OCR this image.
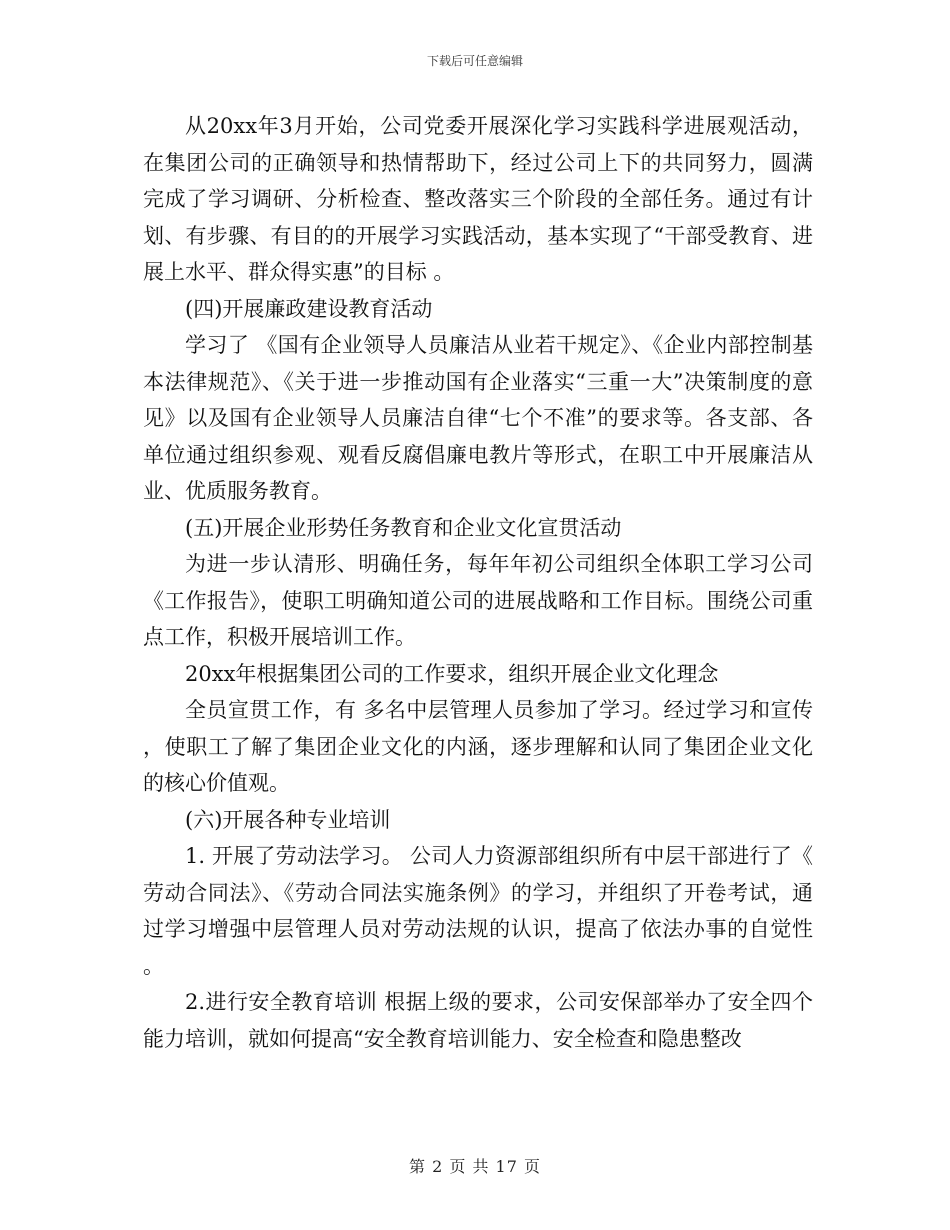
下载后可任意编辑

从20xx年3月开始，公司党委开展深化学习实践科学进展观活动，在集团公司的正确领导和热情帮助下，经过公司上下的共同努力，圆满完成了学习调研、分析检查、整改落实三个阶段的全部任务。通过有计划、有步骤、有目的的开展学习实践活动，基本实现了“干部受教育、进展上水平、群众得实惠”的目标 。

(四)开展廉政建设教育活动

学习了 《国有企业领导人员廉洁从业若干规定》、《企业内部控制基本法律规范》、《关于进一步推动国有企业落实“三重一大”决策制度的意见》以及国有企业领导人员廉洁自律“七个不准”的要求等。各支部、各单位通过组织参观、观看反腐倡廉电教片等形式，在职工中开展廉洁从业、优质服务教育。

(五)开展企业形势任务教育和企业文化宣贯活动

为进一步认清形、明确任务，每年年初公司组织全体职工学习公司《工作报告》，使职工明确知道公司的进展战略和工作目标。围绕公司重点工作，积极开展培训工作。

20xx年根据集团公司的工作要求，组织开展企业文化理念

全员宣贯工作，有 多名中层管理人员参加了学习。经过学习和宣传，使职工了解了集团企业文化的内涵，逐步理解和认同了集团企业文化的核心价值观。

(六)开展各种专业培训

1. 开展了劳动法学习。 公司人力资源部组织所有中层干部进行了《劳动合同法》、《劳动合同法实施条例》的学习，并组织了开卷考试，通过学习增强中层管理人员对劳动法规的认识，提高了依法办事的自觉性。

2.进行安全教育培训 根据上级的要求，公司安保部举办了安全四个能力培训，就如何提高“安全教育培训能力、安全检查和隐患整改

第 2 页 共 17 页
